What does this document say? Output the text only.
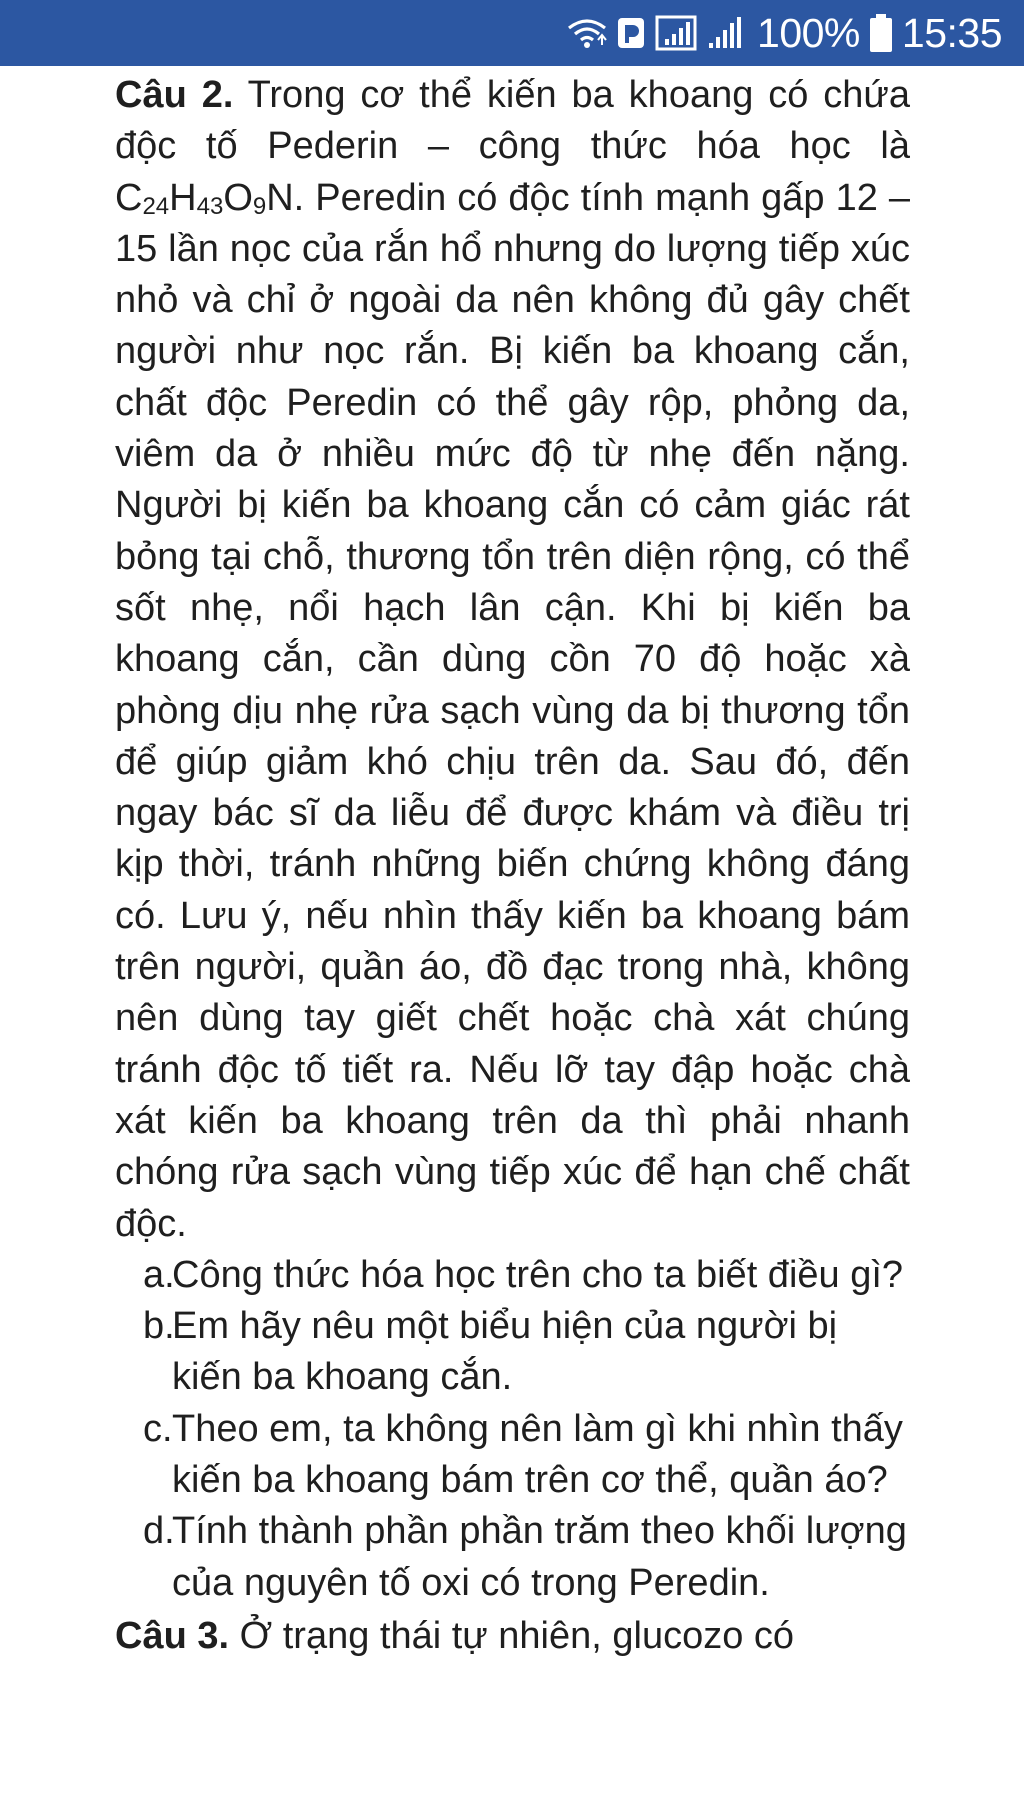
100% 15:35

Câu 2. Trong cơ thể kiến ba khoang có chứa độc tố Pederin – công thức hóa học là $C_{24}H_{43}O_9N$. Peredin có độc tính mạnh gấp 12 – 15 lần nọc của rắn hổ nhưng do lượng tiếp xúc nhỏ và chỉ ở ngoài da nên không đủ gây chết người như nọc rắn. Bị kiến ba khoang cắn, chất độc Peredin có thể gây rộp, phỏng da, viêm da ở nhiều mức độ từ nhẹ đến nặng. Người bị kiến ba khoang cắn có cảm giác rát bỏng tại chỗ, thương tổn trên diện rộng, có thể sốt nhẹ, nổi hạch lân cận. Khi bị kiến ba khoang cắn, cần dùng cồn 70 độ hoặc xà phòng dịu nhẹ rửa sạch vùng da bị thương tổn để giúp giảm khó chịu trên da. Sau đó, đến ngay bác sĩ da liễu để được khám và điều trị kịp thời, tránh những biến chứng không đáng có. Lưu ý, nếu nhìn thấy kiến ba khoang bám trên người, quần áo, đồ đạc trong nhà, không nên dùng tay giết chết hoặc chà xát chúng tránh độc tố tiết ra. Nếu lỡ tay đập hoặc chà xát kiến ba khoang trên da thì phải nhanh chóng rửa sạch vùng tiếp xúc để hạn chế chất độc.

a.
Công thức hóa học trên cho ta biết điều gì?
b.
Em hãy nêu một biểu hiện của người bị kiến ba khoang cắn.
c. Theo em, ta không nên làm gì khi nhìn thấy kiến ba khoang bám trên cơ thể, quần áo?
d.
Tính thành phần phần trăm theo khối lượng của nguyên tố oxi có trong Peredin.

Câu 3. Ở trạng thái tự nhiên, glucozo có
